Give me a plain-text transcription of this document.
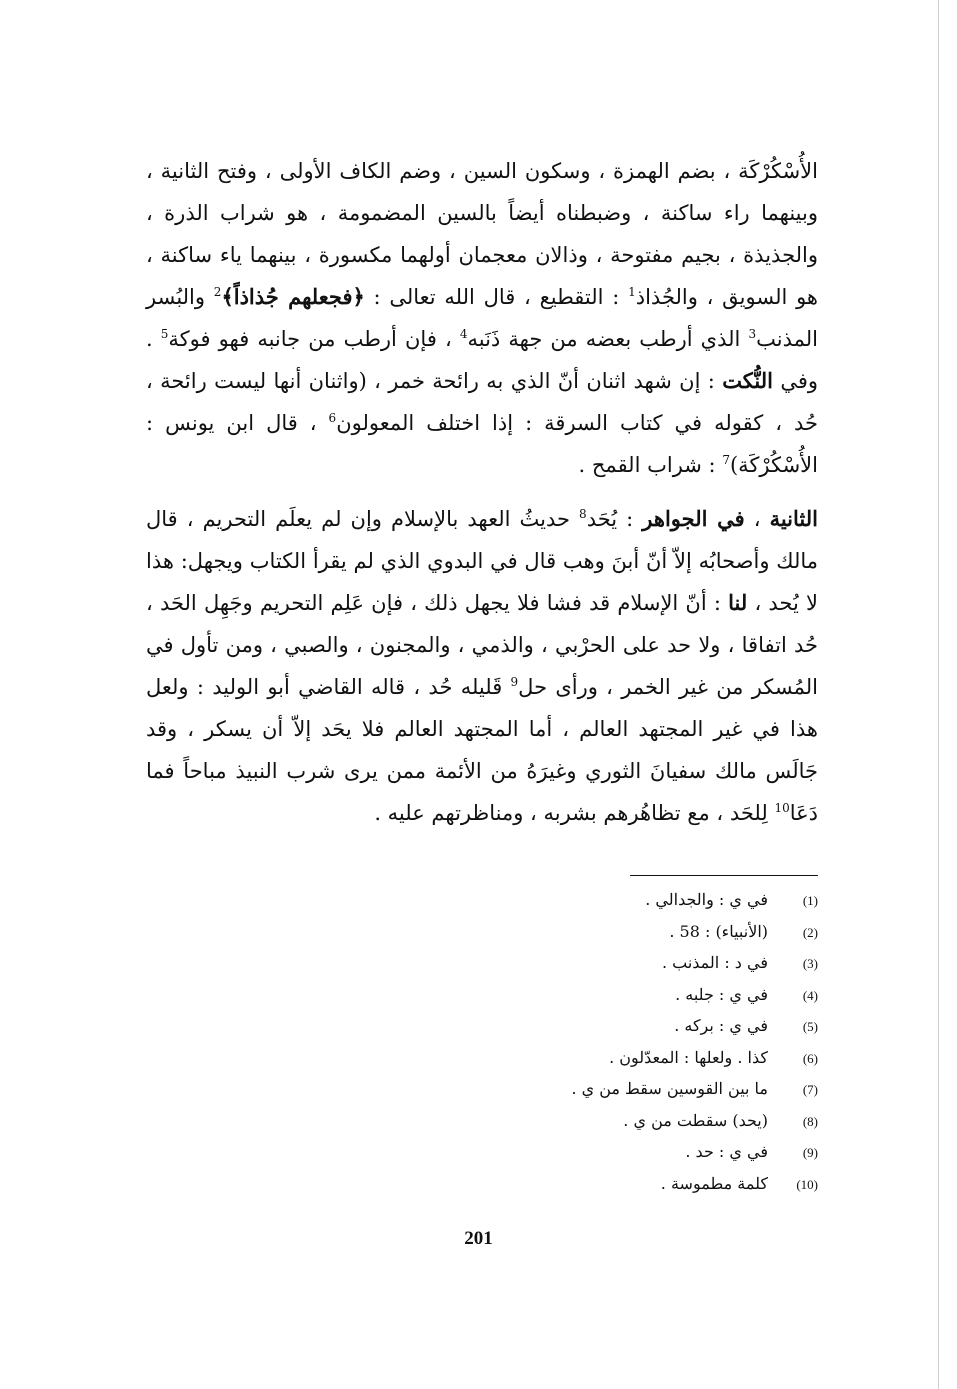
الأُسْكُرْكَة ، بضم الهمزة ، وسكون السين ، وضم الكاف الأولى ، وفتح الثانية ، وبينهما راء ساكنة ، وضبطناه أيضاً بالسين المضمومة ، هو شراب الذرة ، والجذيذة ، بجيم مفتوحة ، وذالان معجمان أولهما مكسورة ، بينهما ياء ساكنة ، هو السويق ، والجُذاذ$^1$ : التقطيع ، قال الله تعالى : ﴿فجعلهم جُذاذاً﴾$^2$ والبُسر المذنب$^3$ الذي أرطب بعضه من جهة ذَنَبه$^4$ ، فإن أرطب من جانبه فهو فوكة$^5$ . وفي النُّكت : إن شهد اثنان أنّ الذي به رائحة خمر ، (واثنان أنها ليست رائحة ، حُد ، كقوله في كتاب السرقة : إذا اختلف المعولون$^6$ ، قال ابن يونس : الأُسْكُرْكَة)$^7$ : شراب القمح .

الثانية ، في الجواهر : يُحَد$^8$ حديثُ العهد بالإسلام وإن لم يعلَم التحريم ، قال مالك وأصحابُه إلاّ أنّ أبنَ وهب قال في البدوي الذي لم يقرأ الكتاب ويجهل: هذا لا يُحد ، لنا : أنّ الإسلام قد فشا فلا يجهل ذلك ، فإن عَلِم التحريم وجَهِل الحَد ، حُد اتفاقا ، ولا حد على الحرْبي ، والذمي ، والمجنون ، والصبي ، ومن تأول في المُسكر من غير الخمر ، ورأى حل$^9$ قَليله حُد ، قاله القاضي أبو الوليد : ولعل هذا في غير المجتهد العالم ، أما المجتهد العالم فلا يحَد إلاّ أن يسكر ، وقد جَالَس مالك سفيانَ الثوري وغيرَهُ من الأئمة ممن يرى شرب النبيذ مباحاً فما دَعَا$^{10}$ لِلحَد ، مع تظاهُرهم بشربه ، ومناظرتهم عليه .

(1)
في ي : والجدالي .
(2)
(الأنبياء) : 58 .
(3)
في د : المذنب .
(4)
في ي : جلبه .
(5)
في ي : بركه .
(6)
كذا . ولعلها : المعدّلون .
(7)
ما بين القوسين سقط من ي .
(8)
(يحد) سقطت من ي .
(9)
في ي : حد .
(10)
كلمة مطموسة .
201
